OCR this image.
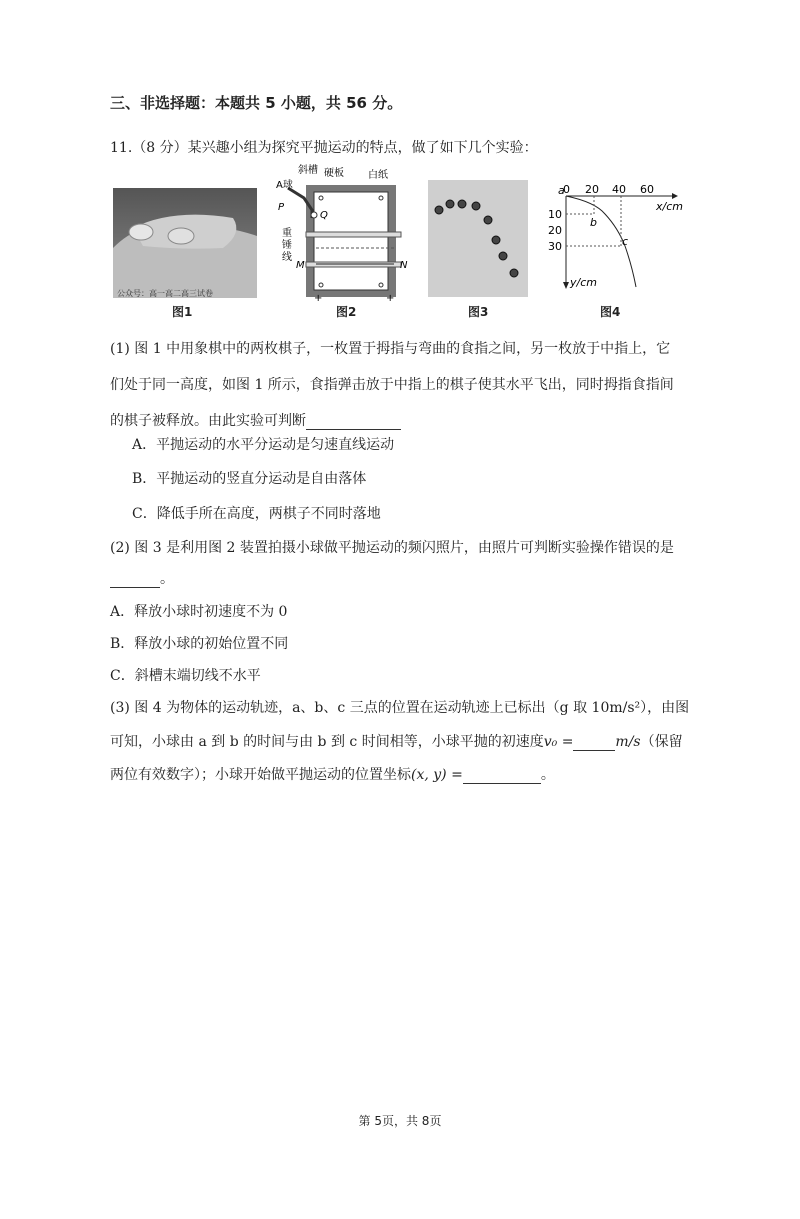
三、非选择题：本题共 5 小题，共 56 分。
11.（8 分）某兴趣小组为探究平抛运动的特点，做了如下几个实验：
公众号：高一高二高三试卷
图1
斜槽
A球
硬板 白纸
P
Q
重
锤
线
M	N
+	+
图2	图3
0 20 40 60
x/cm
10
20
30
y/cm
a
b
c
图4
(1) 图 1 中用象棋中的两枚棋子，一枚置于拇指与弯曲的食指之间，另一枚放于中指上，它
们处于同一高度，如图 1 所示，食指弹击放于中指上的棋子使其水平飞出，同时拇指食指间
的棋子被释放。由此实验可判断
A．平抛运动的水平分运动是匀速直线运动
B．平抛运动的竖直分运动是自由落体
C．降低手所在高度，两棋子不同时落地
(2) 图 3 是利用图 2 装置拍摄小球做平抛运动的频闪照片，由照片可判断实验操作错误的是
。
A．释放小球时初速度不为 0
B．释放小球的初始位置不同
C．斜槽末端切线不水平
(3) 图 4 为物体的运动轨迹，a、b、c 三点的位置在运动轨迹上已标出（g 取 10m/s²），由图
可知，小球由 a 到 b 的时间与由 b 到 c 时间相等，小球平抛的初速度v₀ =	m/s（保留
两位有效数字）；小球开始做平抛运动的位置坐标(x, y) =	。
第 5页，共 8页
